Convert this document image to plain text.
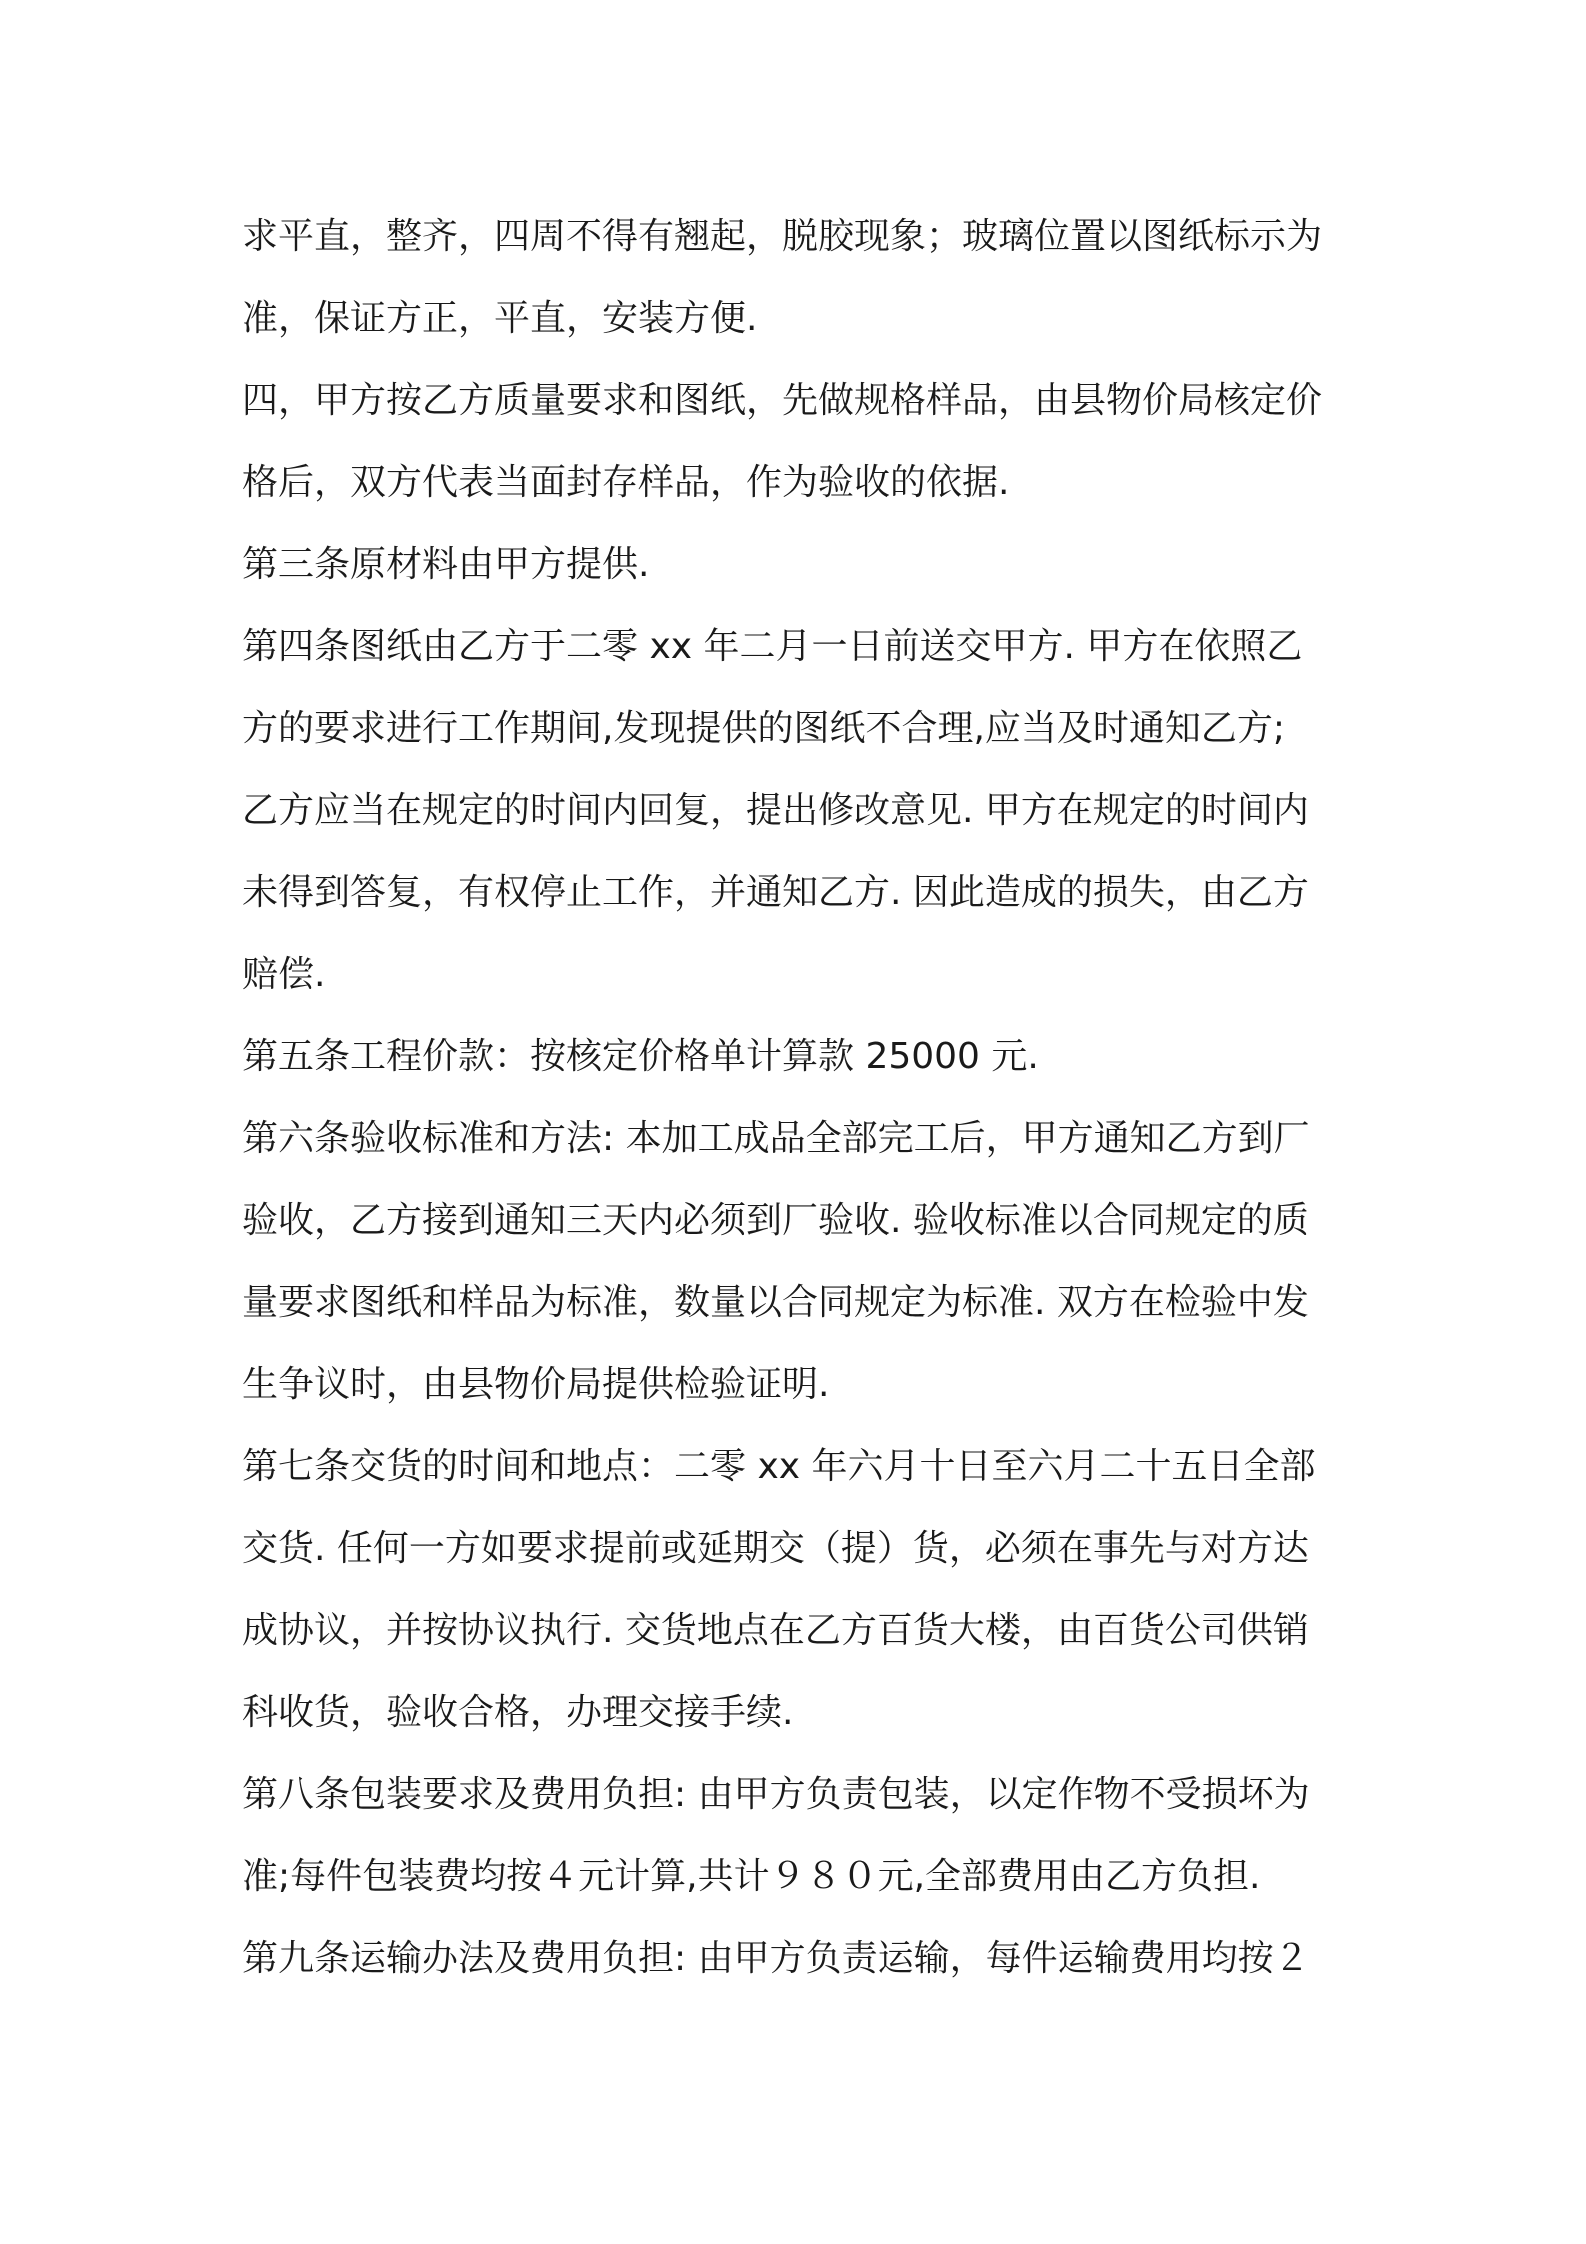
求平直，整齐，四周不得有翘起，脱胶现象；玻璃位置以图纸标示为
准，保证方正，平直，安装方便.
四，甲方按乙方质量要求和图纸，先做规格样品，由县物价局核定价
格后，双方代表当面封存样品，作为验收的依据.
第三条原材料由甲方提供.
第四条图纸由乙方于二零 xx 年二月一日前送交甲方. 甲方在依照乙
方的要求进行工作期间,发现提供的图纸不合理,应当及时通知乙方;
乙方应当在规定的时间内回复，提出修改意见. 甲方在规定的时间内
未得到答复，有权停止工作，并通知乙方. 因此造成的损失，由乙方
赔偿.
第五条工程价款：按核定价格单计算款 25000 元.
第六条验收标准和方法: 本加工成品全部完工后，甲方通知乙方到厂
验收，乙方接到通知三天内必须到厂验收. 验收标准以合同规定的质
量要求图纸和样品为标准，数量以合同规定为标准. 双方在检验中发
生争议时，由县物价局提供检验证明.
第七条交货的时间和地点：二零 xx 年六月十日至六月二十五日全部
交货. 任何一方如要求提前或延期交（提）货，必须在事先与对方达
成协议，并按协议执行. 交货地点在乙方百货大楼，由百货公司供销
科收货，验收合格，办理交接手续.
第八条包装要求及费用负担: 由甲方负责包装，以定作物不受损坏为
准;每件包装费均按４元计算,共计９８０元,全部费用由乙方负担.
第九条运输办法及费用负担: 由甲方负责运输，每件运输费用均按２
